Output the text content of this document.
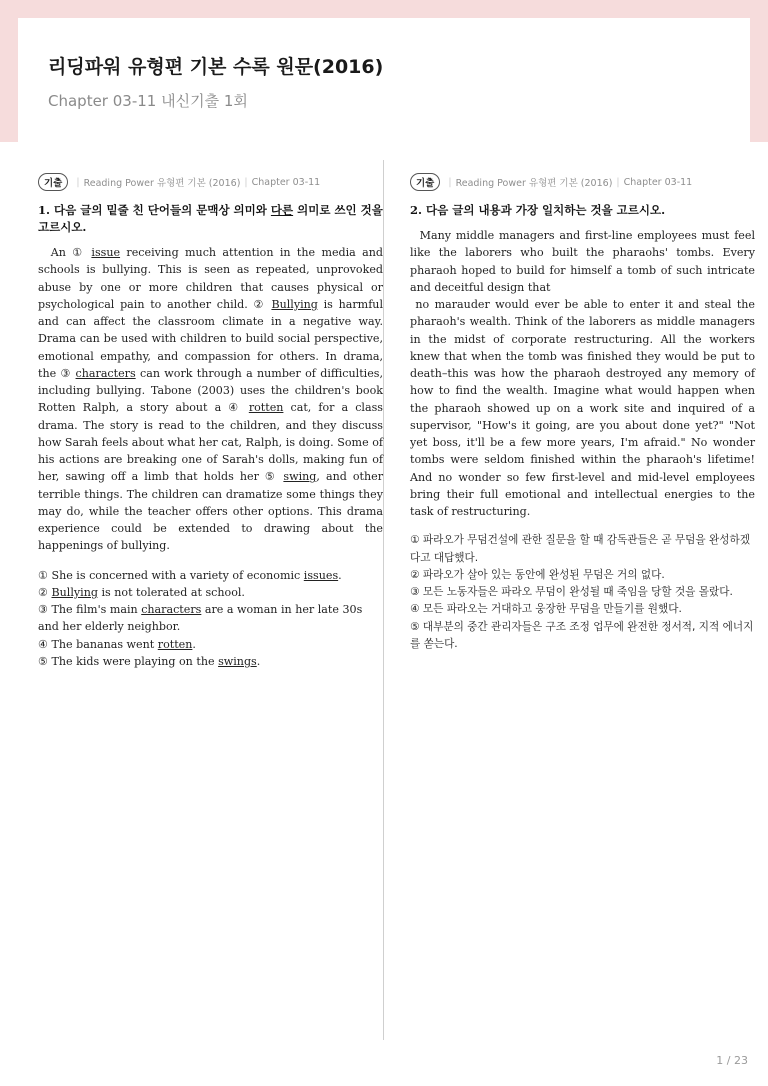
리딩파워 유형편 기본 수록 원문(2016)

Chapter 03-11 내신기출 1회

기출	| Reading Power 유형편 기본 (2016) | Chapter 03-11

1. 다음 글의 밑줄 친 단어들의 문맥상 의미와 다른 의미로 쓰인 것을 고르시오.

An ① issue receiving much attention in the media and schools is bullying. This is seen as repeated, unprovoked abuse by one or more children that causes physical or psychological pain to another child. ② Bullying is harmful and can affect the classroom climate in a negative way. Drama can be used with children to build social perspective, emotional empathy, and compassion for others. In drama, the ③ characters can work through a number of difficulties, including bullying. Tabone (2003) uses the children's book Rotten Ralph, a story about a ④ rotten cat, for a class drama. The story is read to the children, and they discuss how Sarah feels about what her cat, Ralph, is doing. Some of his actions are breaking one of Sarah's dolls, making fun of her, sawing off a limb that holds her ⑤ swing, and other terrible things. The children can dramatize some things they may do, while the teacher offers other options. This drama experience could be extended to drawing about the happenings of bullying.

① She is concerned with a variety of economic issues.
② Bullying is not tolerated at school.
③ The film's main characters are a woman in her late 30s and her elderly neighbor.
④ The bananas went rotten.
⑤ The kids were playing on the swings.
기출	| Reading Power 유형편 기본 (2016) | Chapter 03-11

2. 다음 글의 내용과 가장 일치하는 것을 고르시오.

Many middle managers and first-line employees must feel like the laborers who built the pharaohs' tombs. Every pharaoh hoped to build for himself a tomb of such intricate and deceitful design that
no marauder would ever be able to enter it and steal the pharaoh's wealth. Think of the laborers as middle managers in the midst of corporate restructuring. All the workers knew that when the tomb was finished they would be put to death–this was how the pharaoh destroyed any memory of how to find the wealth. Imagine what would happen when the pharaoh showed up on a work site and inquired of a supervisor, "How's it going, are you about done yet?" "Not yet boss, it'll be a few more years, I'm afraid." No wonder tombs were seldom finished within the pharaoh's lifetime! And no wonder so few first-level and mid-level employees bring their full emotional and intellectual energies to the task of restructuring.

① 파라오가 무덤건설에 관한 질문을 할 때 감독관들은 곧 무덤을 완성하겠다고 대답했다.
② 파라오가 살아 있는 동안에 완성된 무덤은 거의 없다.
③ 모든 노동자들은 파라오 무덤이 완성될 때 죽임을 당할 것을 몰랐다.
④ 모든 파라오는 거대하고 웅장한 무덤을 만들기를 원했다.
⑤ 대부분의 중간 관리자들은 구조 조정 업무에 완전한 정서적, 지적 에너지를 쏟는다.
1 / 23
